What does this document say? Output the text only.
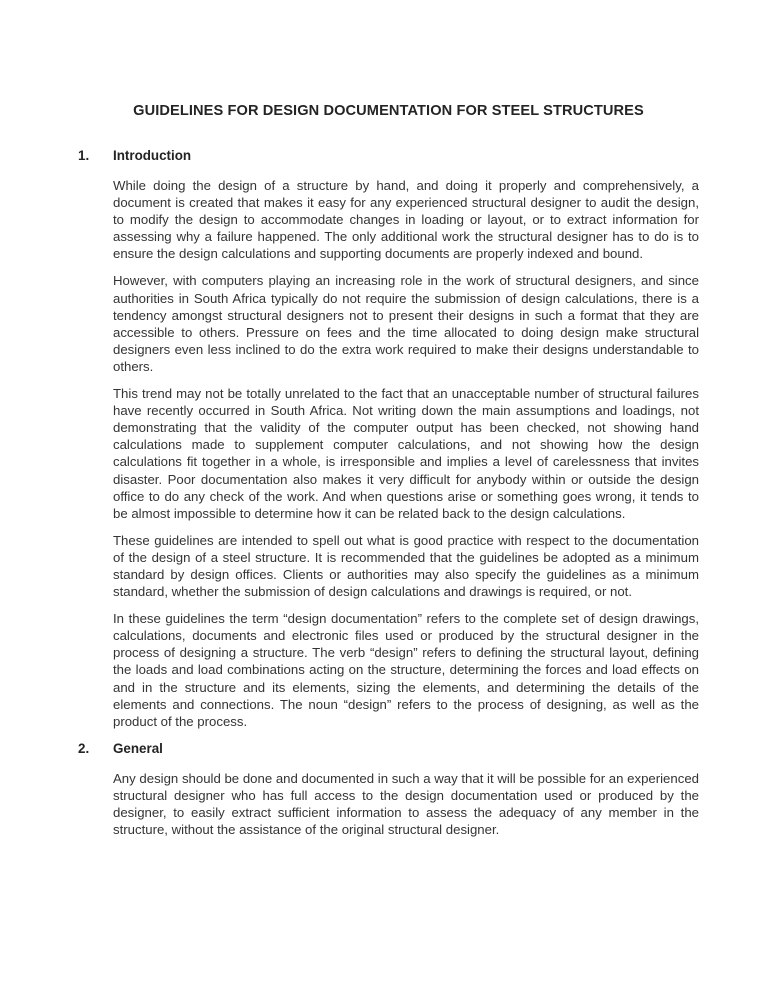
GUIDELINES FOR DESIGN DOCUMENTATION FOR STEEL STRUCTURES
1.	Introduction

While doing the design of a structure by hand, and doing it properly and comprehensively, a document is created that makes it easy for any experienced structural designer to audit the design, to modify the design to accommodate changes in loading or layout, or to extract information for assessing why a failure happened. The only additional work the structural designer has to do is to ensure the design calculations and supporting documents are properly indexed and bound.

However, with computers playing an increasing role in the work of structural designers, and since authorities in South Africa typically do not require the submission of design calculations, there is a tendency amongst structural designers not to present their designs in such a format that they are accessible to others. Pressure on fees and the time allocated to doing design make structural designers even less inclined to do the extra work required to make their designs understandable to others.

This trend may not be totally unrelated to the fact that an unacceptable number of structural failures have recently occurred in South Africa. Not writing down the main assumptions and loadings, not demonstrating that the validity of the computer output has been checked, not showing hand calculations made to supplement computer calculations, and not showing how the design calculations fit together in a whole, is irresponsible and implies a level of carelessness that invites disaster. Poor documentation also makes it very difficult for anybody within or outside the design office to do any check of the work. And when questions arise or something goes wrong, it tends to be almost impossible to determine how it can be related back to the design calculations.

These guidelines are intended to spell out what is good practice with respect to the documentation of the design of a steel structure. It is recommended that the guidelines be adopted as a minimum standard by design offices. Clients or authorities may also specify the guidelines as a minimum standard, whether the submission of design calculations and drawings is required, or not.

In these guidelines the term “design documentation” refers to the complete set of design drawings, calculations, documents and electronic files used or produced by the structural designer in the process of designing a structure. The verb “design” refers to defining the structural layout, defining the loads and load combinations acting on the structure, determining the forces and load effects on and in the structure and its elements, sizing the elements, and determining the details of the elements and connections. The noun “design” refers to the process of designing, as well as the product of the process.

2.	General

Any design should be done and documented in such a way that it will be possible for an experienced structural designer who has full access to the design documentation used or produced by the designer, to easily extract sufficient information to assess the adequacy of any member in the structure, without the assistance of the original structural designer.
